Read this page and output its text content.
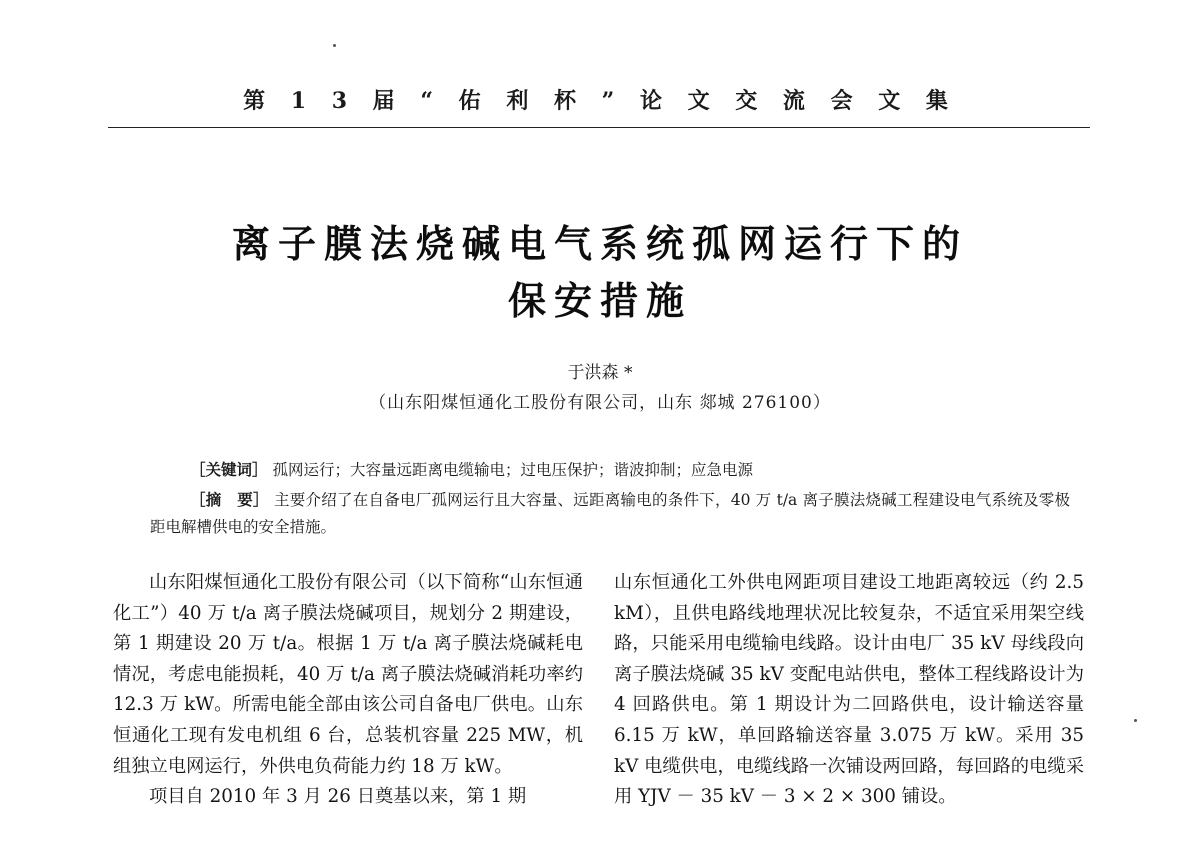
第 1 3 届 “ 佑 利 杯 ” 论 文 交 流 会 文 集
离子膜法烧碱电气系统孤网运行下的
保安措施
于洪森 *
（山东阳煤恒通化工股份有限公司，山东 郯城 276100）
［关键词］ 孤网运行；大容量远距离电缆输电；过电压保护；谐波抑制；应急电源
［摘　要］ 主要介绍了在自备电厂孤网运行且大容量、远距离输电的条件下，40 万 t/a 离子膜法烧碱工程建设电气系统及零极距电解槽供电的安全措施。

山东阳煤恒通化工股份有限公司（以下简称“山东恒通化工”）40 万 t/a 离子膜法烧碱项目，规划分 2 期建设，第 1 期建设 20 万 t/a。根据 1 万 t/a 离子膜法烧碱耗电情况，考虑电能损耗，40 万 t/a 离子膜法烧碱消耗功率约 12.3 万 kW。所需电能全部由该公司自备电厂供电。山东恒通化工现有发电机组 6 台，总装机容量 225 MW，机组独立电网运行，外供电负荷能力约 18 万 kW。

项目自 2010 年 3 月 26 日奠基以来，第 1 期

山东恒通化工外供电网距项目建设工地距离较远（约 2.5 kM），且供电路线地理状况比较复杂，不适宜采用架空线路，只能采用电缆输电线路。设计由电厂 35 kV 母线段向离子膜法烧碱 35 kV 变配电站供电，整体工程线路设计为 4 回路供电。第 1 期设计为二回路供电，设计输送容量 6.15 万 kW，单回路输送容量 3.075 万 kW。采用 35 kV 电缆供电，电缆线路一次铺设两回路，每回路的电缆采用 YJV － 35 kV － 3 × 2 × 300 铺设。
